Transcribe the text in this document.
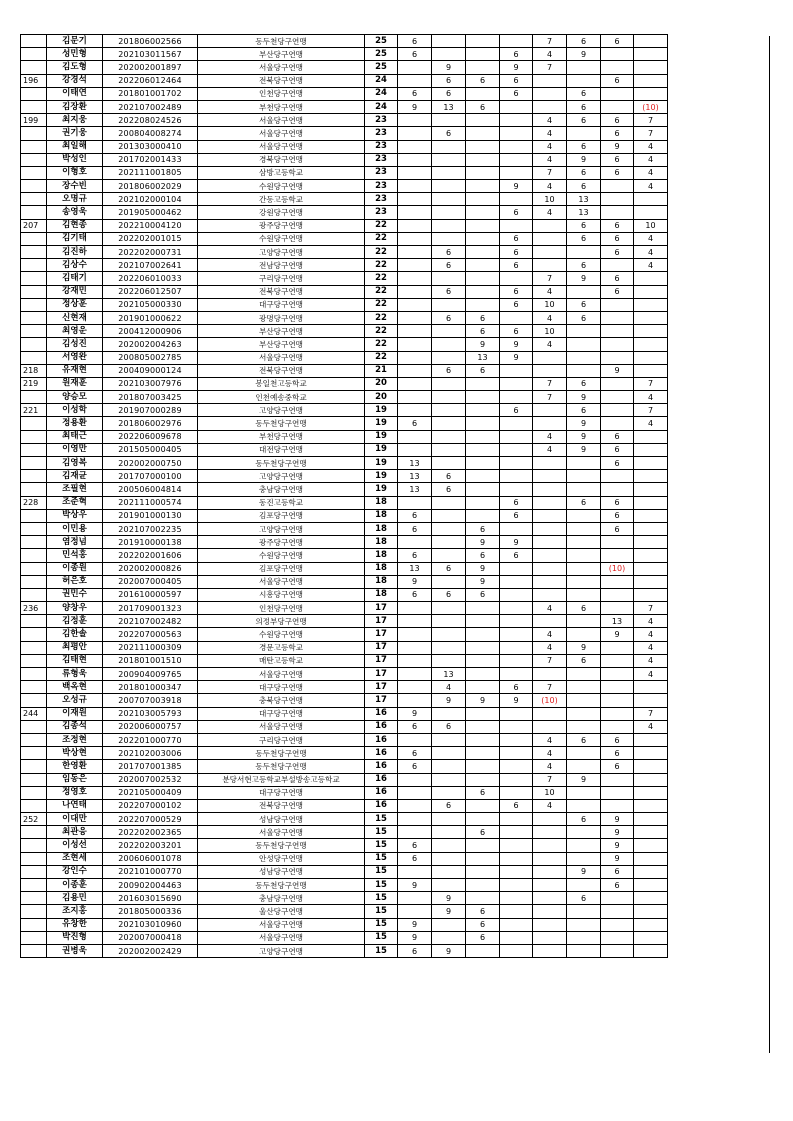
	김문기	201806002566	동두천당구연맹	25	6				7	6	6	
	성민형	202103011567	부산당구연맹	25	6			6	4	9		
	김도형	202002001897	서울당구연맹	25		9		9	7			
196	강경석	202206012464	전북당구연맹	24		6	6	6			6	
	이태연	201801001702	인천당구연맹	24	6	6		6		6		
	김장환	202107002489	부천당구연맹	24	9	13	6			6		(10)
199	최지웅	202208024526	서울당구연맹	23					4	6	6	7
	권기웅	200804008274	서울당구연맹	23		6			4		6	7
	최일해	201303000410	서울당구연맹	23					4	6	9	4
	박성인	201702001433	경북당구연맹	23					4	9	6	4
	이형호	202111001805	삼방고등학교	23					7	6	6	4
	장수빈	201806002029	수원당구연맹	23				9	4	6		4
	오명규	202102000104	간동고등학교	23					10	13		
	송영욱	201905000462	강원당구연맹	23				6	4	13		
207	김현종	202210004120	광주당구연맹	22						6	6	10
	김기태	202202001015	수원당구연맹	22				6		6	6	4
	김진하	202202000731	고양당구연맹	22		6		6			6	4
	김상수	202107002641	전남당구연맹	22		6		6		6		4
	김태기	202206010033	구리당구연맹	22					7	9	6	
	강재민	202206012507	전북당구연맹	22		6		6	4		6	
	정상훈	202105000330	대구당구연맹	22				6	10	6		
	신현재	201901000622	광명당구연맹	22		6	6		4	6		
	최영운	200412000906	부산당구연맹	22			6	6	10			
	김성진	202002004263	부산당구연맹	22			9	9	4			
	서영완	200805002785	서울당구연맹	22			13	9				
218	유재현	200409000124	전북당구연맹	21		6	6				9	
219	원재훈	202103007976	봉일천고등학교	20					7	6		7
	양승모	201807003425	인천예송중학교	20					7	9		4
221	이성학	201907000289	고양당구연맹	19				6		6		7
	정용환	201806002976	동두천당구연맹	19	6					9		4
	최태근	202206009678	부천당구연맹	19					4	9	6	
	이영만	201505000405	대전당구연맹	19					4	9	6	
	김영복	202002000750	동두천당구연맹	19	13						6	
	김재균	201707000100	고양당구연맹	19	13	6						
	조필현	200506004814	충남당구연맹	19	13	6						
228	조준혁	202111000574	동진고등학교	18				6		6	6	
	박상우	201901000130	김포당구연맹	18	6			6			6	
	이민용	202107002235	고양당구연맹	18	6		6				6	
	염정넘	201910000138	광주당구연맹	18			9	9				
	민석홍	202202001606	수원당구연맹	18	6		6	6				
	이종원	202002000826	김포당구연맹	18	13	6	9				(10)	
	허은호	202007000405	서울당구연맹	18	9		9					
	권민수	201610000597	시흥당구연맹	18	6	6	6					
236	양창우	201709001323	인천당구연맹	17					4	6		7
	김정훈	202107002482	의정부당구연맹	17							13	4
	김한솔	202207000563	수원당구연맹	17					4		9	4
	최평안	202111000309	경문고등학교	17					4	9		4
	김태현	201801001510	매탄고등학교	17					7	6		4
	류형욱	200904009765	서울당구연맹	17		13						4
	백옥현	201801000347	대구당구연맹	17		4		6	7			
	오성규	200707003918	충북당구연맹	17		9	9	9	(10)			
244	이재원	202103005793	대구당구연맹	16	9							7
	김종석	202006000757	서울당구연맹	16	6	6						4
	조정현	202201000770	구리당구연맹	16					4	6	6	
	박상현	202102003006	동두천당구연맹	16	6				4		6	
	한영환	201707001385	동두천당구연맹	16	6				4		6	
	임동은	202007002532	분당서현고등학교부설방송고등학교	16					7	9		
	정영호	202105000409	대구당구연맹	16			6		10			
	나연태	202207000102	전북당구연맹	16		6		6	4			
252	이대만	202207000529	성남당구연맹	15						6	9	
	최관응	202202002365	서울당구연맹	15			6				9	
	이성선	202202003201	동두천당구연맹	15	6						9	
	조현세	200606001078	안성당구연맹	15	6						9	
	강인수	202101000770	성남당구연맹	15						9	6	
	이종훈	200902004463	동두천당구연맹	15	9						6	
	김용민	201603015690	충남당구연맹	15		9				6		
	조지홍	201805000336	울산당구연맹	15		9	6					
	유창한	202103010960	서울당구연맹	15	9		6					
	박진형	202007000418	서울당구연맹	15	9		6					
	권병욱	202002002429	고양당구연맹	15	6	9						
